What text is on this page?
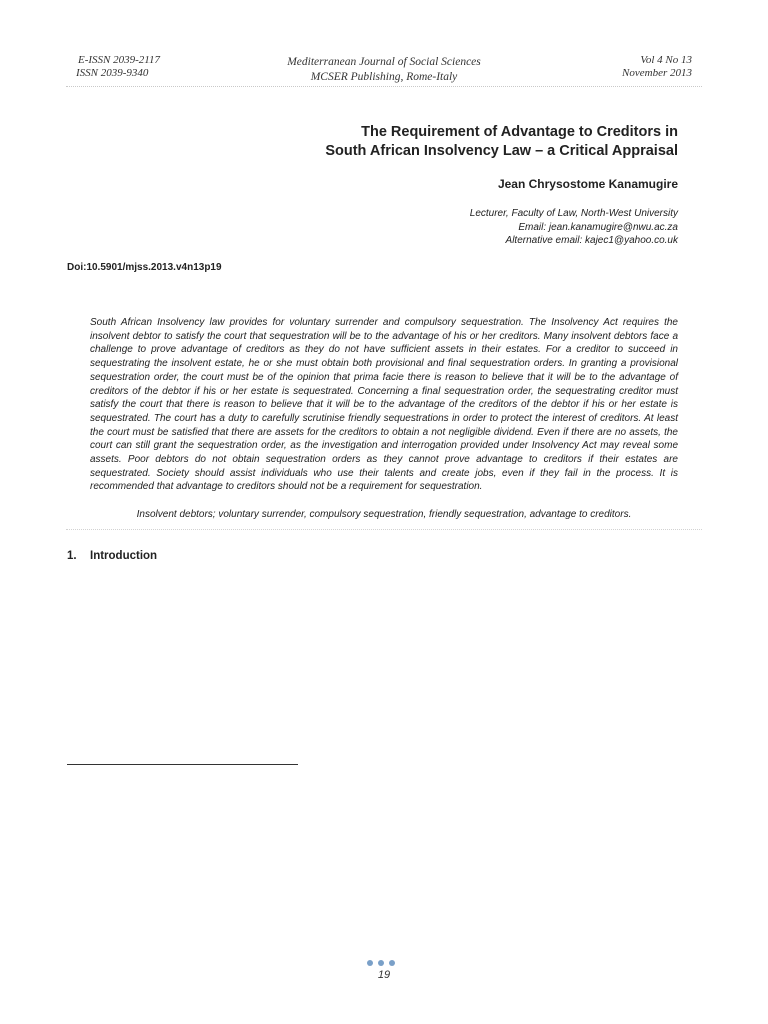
E-ISSN 2039-2117
ISSN 2039-9340
Mediterranean Journal of Social Sciences
MCSER Publishing, Rome-Italy
Vol 4 No 13
November 2013
The Requirement of Advantage to Creditors in
South African Insolvency Law – a Critical Appraisal
Jean Chrysostome Kanamugire
Lecturer, Faculty of Law, North-West University
Email: jean.kanamugire@nwu.ac.za
Alternative email: kajec1@yahoo.co.uk
Doi:10.5901/mjss.2013.v4n13p19

South African Insolvency law provides for voluntary surrender and compulsory sequestration. The Insolvency Act requires the insolvent debtor to satisfy the court that sequestration will be to the advantage of his or her creditors. Many insolvent debtors face a challenge to prove advantage of creditors as they do not have sufficient assets in their estates. For a creditor to succeed in sequestrating the insolvent estate, he or she must obtain both provisional and final sequestration orders. In granting a provisional sequestration order, the court must be of the opinion that prima facie there is reason to believe that it will be to the advantage of creditors of the debtor if his or her estate is sequestrated. Concerning a final sequestration order, the sequestrating creditor must satisfy the court that there is reason to believe that it will be to the advantage of the creditors of the debtor if his or her estate is sequestrated. The court has a duty to carefully scrutinise friendly sequestrations in order to protect the interest of creditors. At least the court must be satisfied that there are assets for the creditors to obtain a not negligible dividend. Even if there are no assets, the court can still grant the sequestration order, as the investigation and interrogation provided under Insolvency Act may reveal some assets. Poor debtors do not obtain sequestration orders as they cannot prove advantage to creditors if their estates are sequestrated. Society should assist individuals who use their talents and create jobs, even if they fail in the process. It is recommended that advantage to creditors should not be a requirement for sequestration.

Insolvent debtors; voluntary surrender, compulsory sequestration, friendly sequestration, advantage to creditors.
1. Introduction
19
